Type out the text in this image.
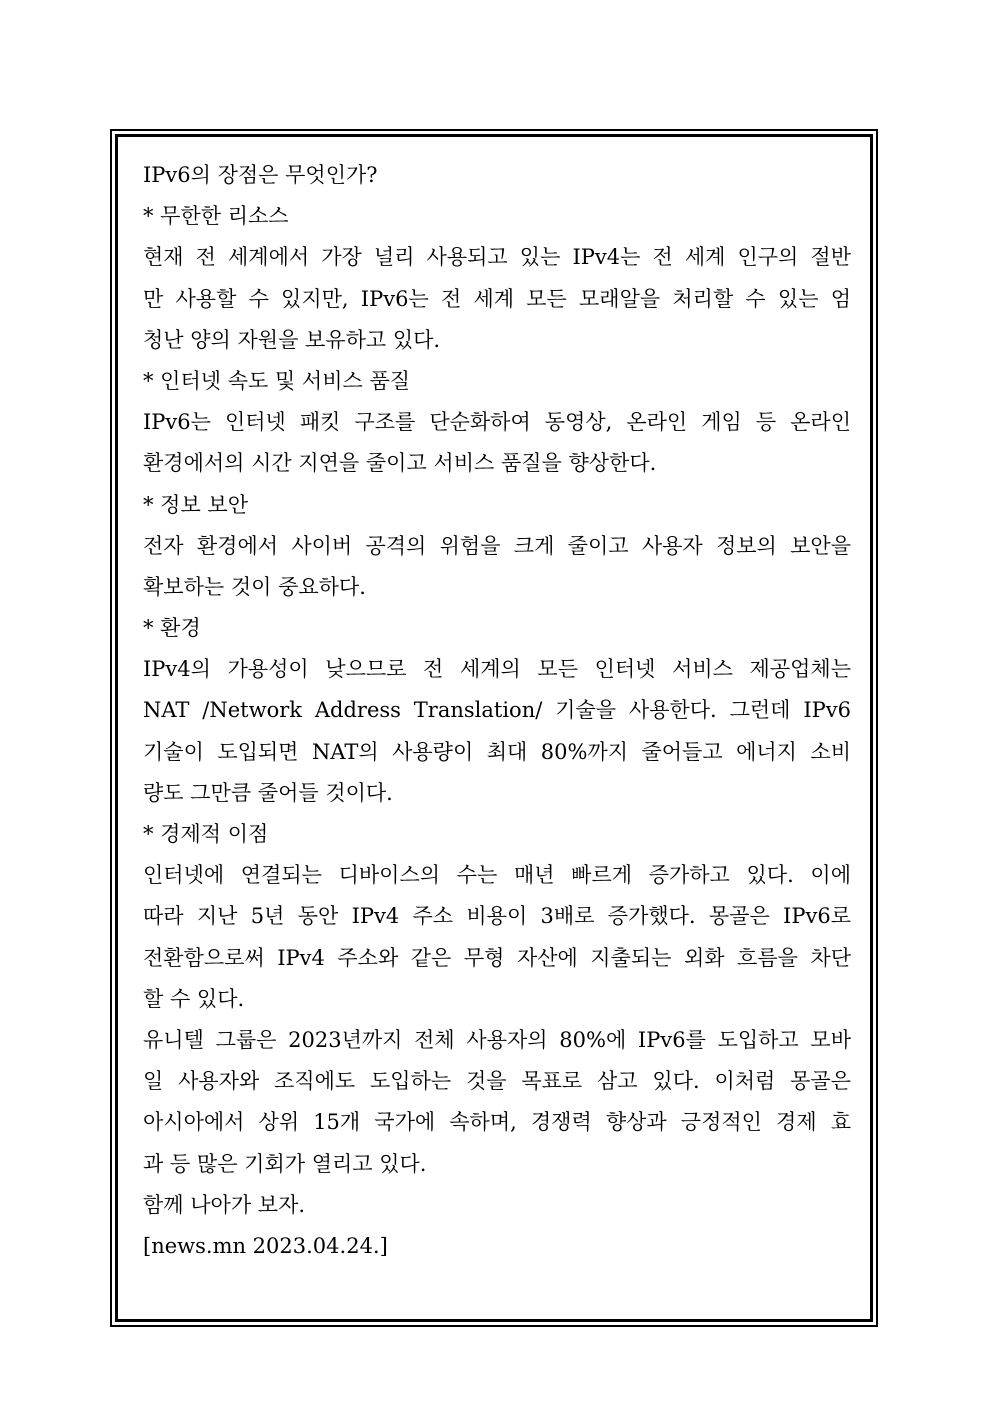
IPv6의 장점은 무엇인가?
* 무한한 리소스
현재 전 세계에서 가장 널리 사용되고 있는 IPv4는 전 세계 인구의 절반
만 사용할 수 있지만, IPv6는 전 세계 모든 모래알을 처리할 수 있는 엄
청난 양의 자원을 보유하고 있다.
* 인터넷 속도 및 서비스 품질
IPv6는 인터넷 패킷 구조를 단순화하여 동영상, 온라인 게임 등 온라인
환경에서의 시간 지연을 줄이고 서비스 품질을 향상한다.
* 정보 보안
전자 환경에서 사이버 공격의 위험을 크게 줄이고 사용자 정보의 보안을
확보하는 것이 중요하다.
* 환경
IPv4의 가용성이 낮으므로 전 세계의 모든 인터넷 서비스 제공업체는
NAT /Network Address Translation/ 기술을 사용한다. 그런데 IPv6
기술이 도입되면 NAT의 사용량이 최대 80%까지 줄어들고 에너지 소비
량도 그만큼 줄어들 것이다.
* 경제적 이점
인터넷에 연결되는 디바이스의 수는 매년 빠르게 증가하고 있다. 이에
따라 지난 5년 동안 IPv4 주소 비용이 3배로 증가했다. 몽골은 IPv6로
전환함으로써 IPv4 주소와 같은 무형 자산에 지출되는 외화 흐름을 차단
할 수 있다.
유니텔 그룹은 2023년까지 전체 사용자의 80%에 IPv6를 도입하고 모바
일 사용자와 조직에도 도입하는 것을 목표로 삼고 있다. 이처럼 몽골은
아시아에서 상위 15개 국가에 속하며, 경쟁력 향상과 긍정적인 경제 효
과 등 많은 기회가 열리고 있다.
함께 나아가 보자.
[news.mn 2023.04.24.]
